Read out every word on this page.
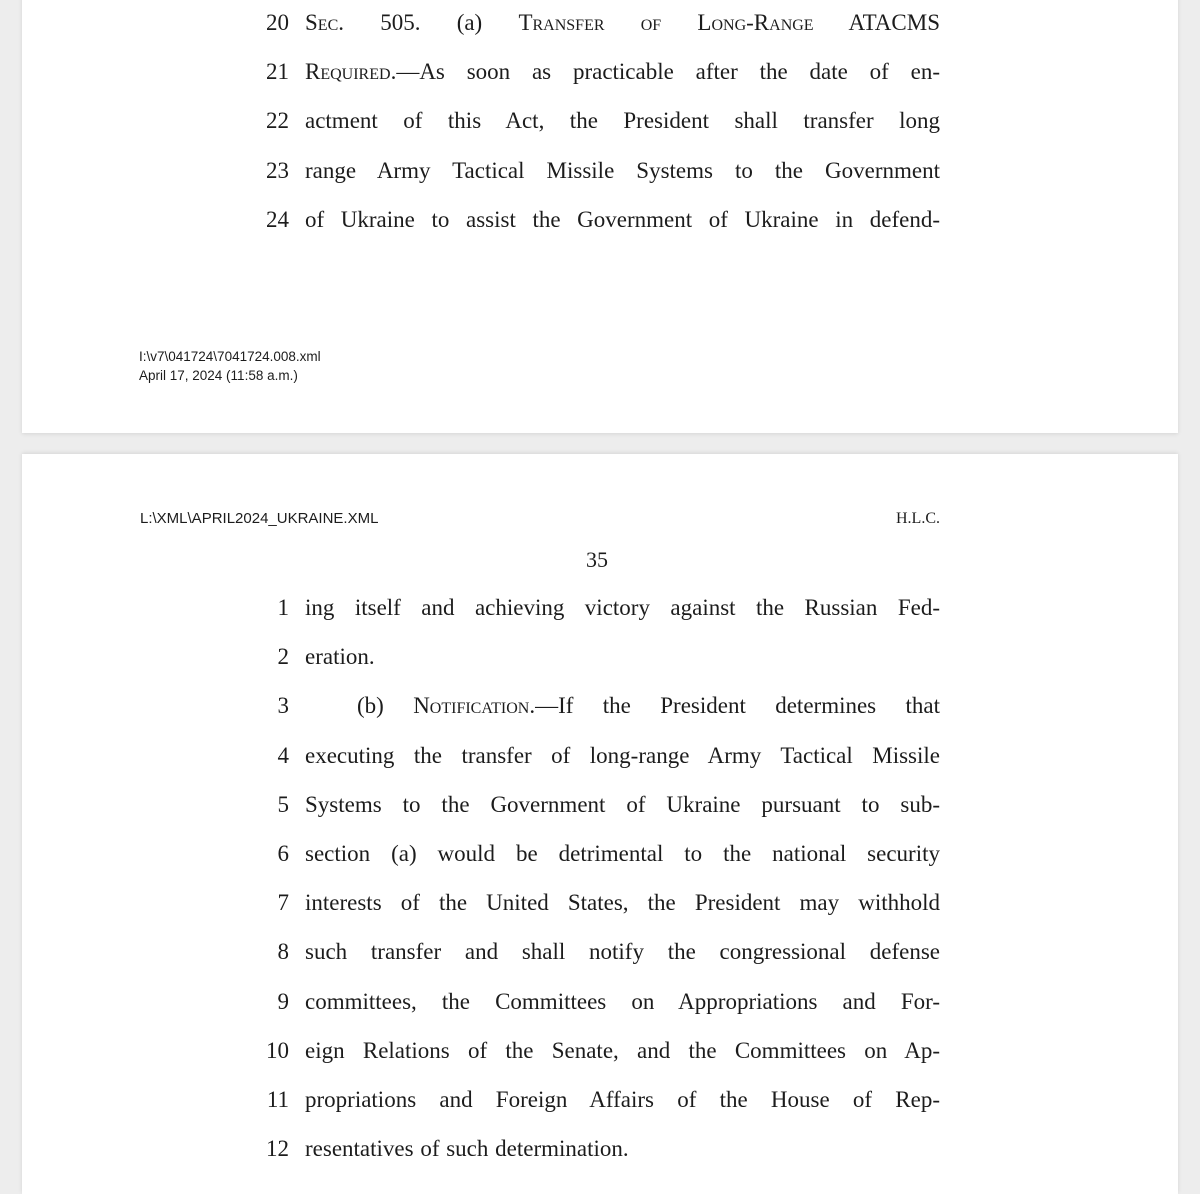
20 Sec. 505. (a) Transfer of Long-Range ATACMS
21 Required.—As soon as practicable after the date of en-
22 actment of this Act, the President shall transfer long
23 range Army Tactical Missile Systems to the Government
24 of Ukraine to assist the Government of Ukraine in defend-
I:\v7\041724\7041724.008.xml
April 17, 2024 (11:58 a.m.)
L:\XML\APRIL2024_UKRAINE.XML	H.L.C.
35
1 ing itself and achieving victory against the Russian Fed-
2 eration.
3	(b) Notification.—If the President determines that
4 executing the transfer of long-range Army Tactical Missile
5 Systems to the Government of Ukraine pursuant to sub-
6 section (a) would be detrimental to the national security
7 interests of the United States, the President may withhold
8 such transfer and shall notify the congressional defense
9 committees, the Committees on Appropriations and For-
10 eign Relations of the Senate, and the Committees on Ap-
11 propriations and Foreign Affairs of the House of Rep-
12 resentatives of such determination.
